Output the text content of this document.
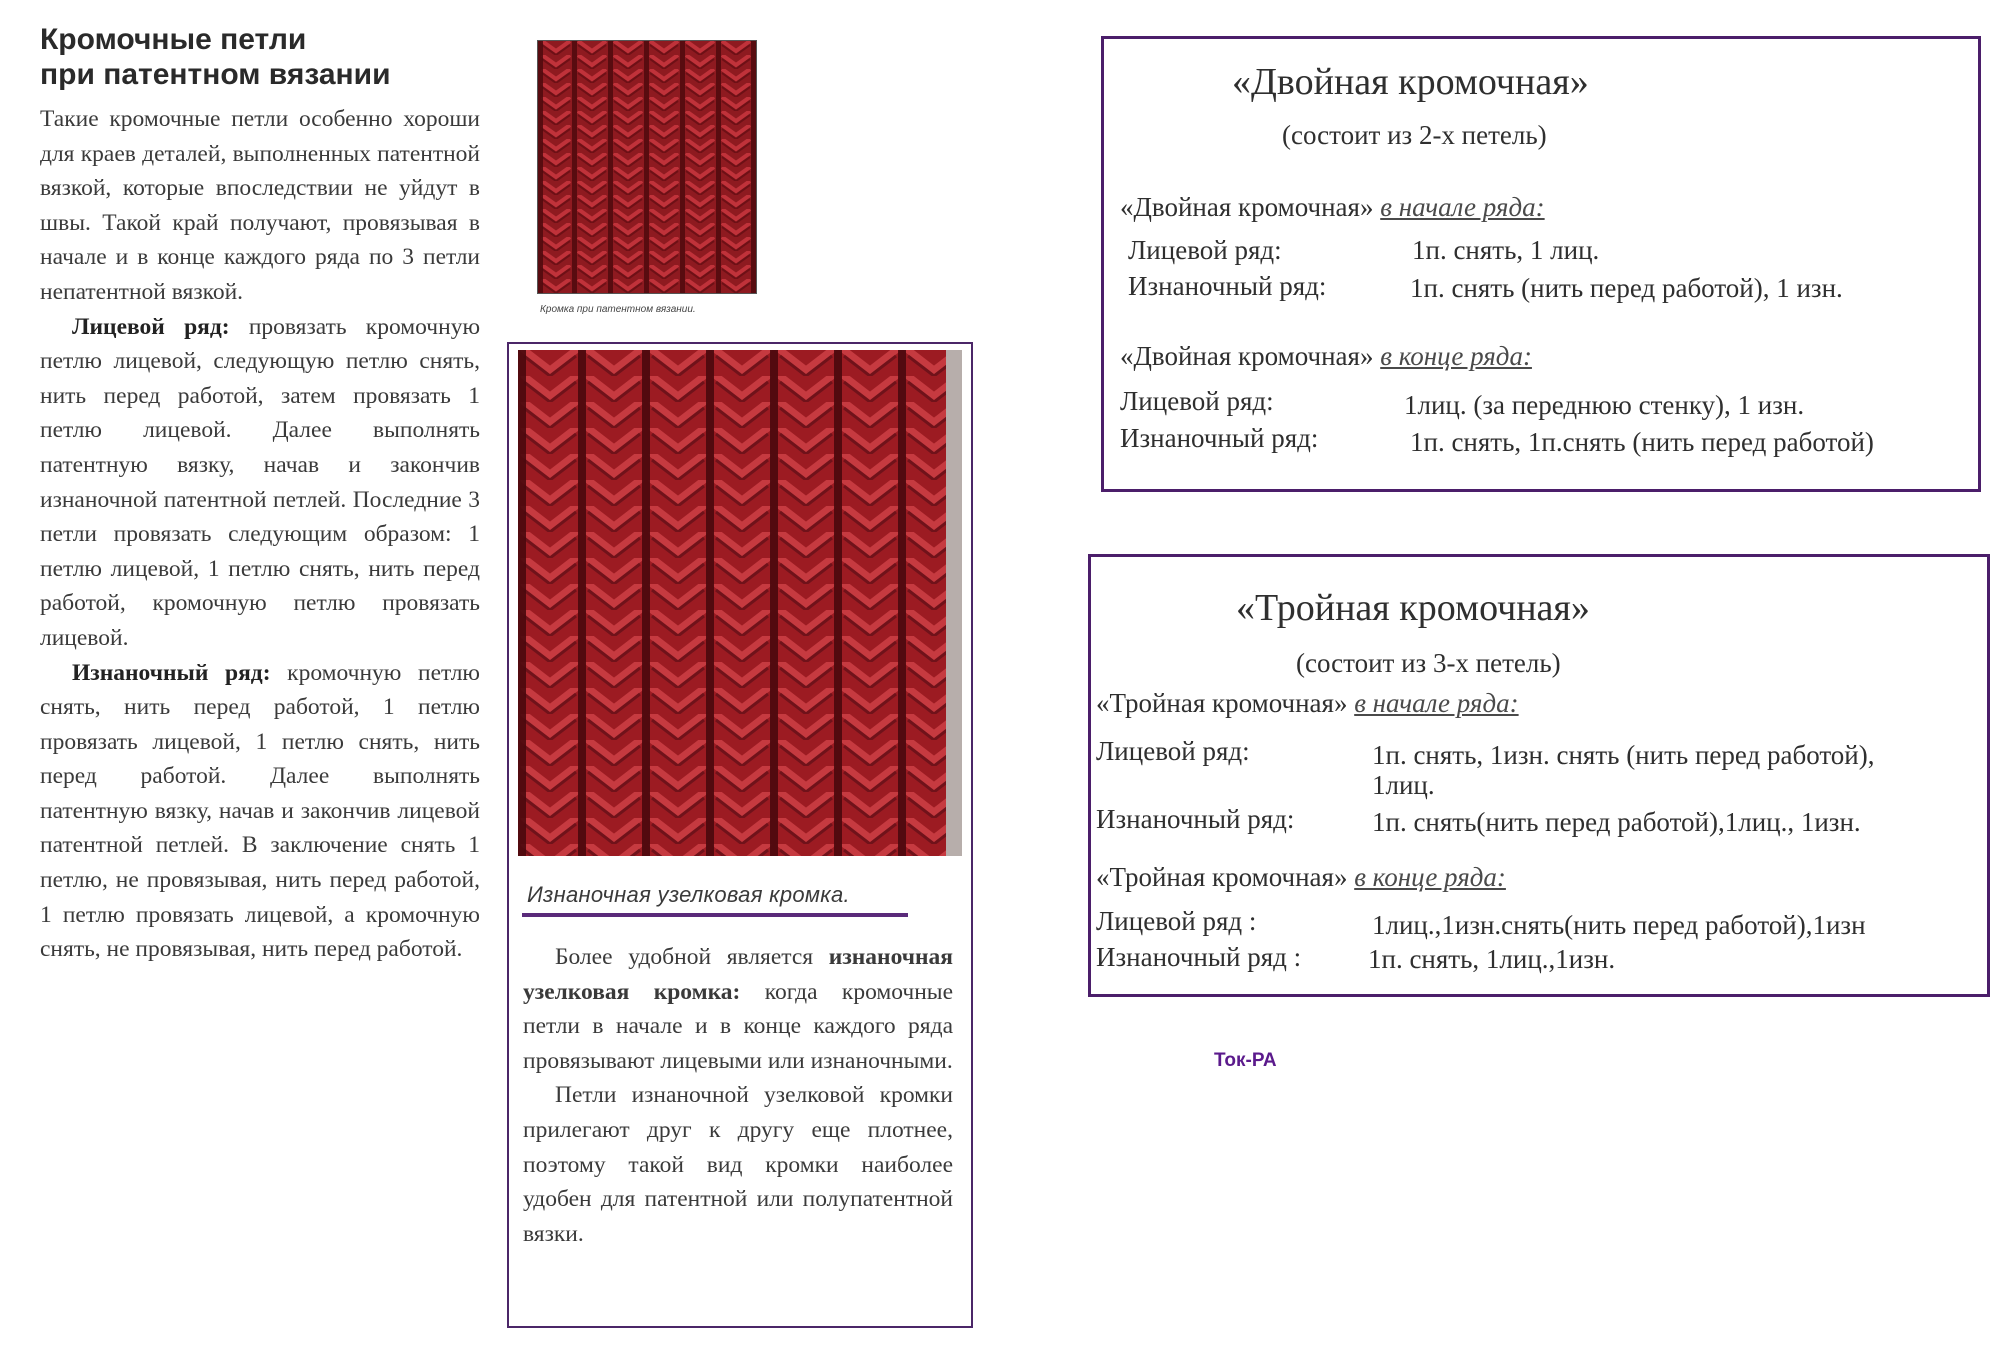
Кромочные петли
при патентном вязании

Такие кромочные петли особенно хороши для краев деталей, выполненных патентной вязкой, которые впоследствии не уйдут в швы. Такой край получают, провязывая в начале и в конце каждого ряда по 3 петли непатентной вязкой.

Лицевой ряд: провязать кромочную петлю лицевой, следующую петлю снять, нить перед работой, затем провязать 1 петлю лицевой. Далее выполнять патентную вязку, начав и закончив изнаночной патентной петлей. Последние 3 петли провязать следующим образом: 1 петлю лицевой, 1 петлю снять, нить перед работой, кромочную петлю провязать лицевой.

Изнаночный ряд: кромочную петлю снять, нить перед работой, 1 петлю провязать лицевой, 1 петлю снять, нить перед работой. Далее выполнять патентную вязку, начав и закончив лицевой патентной петлей. В заключение снять 1 петлю, не провязывая, нить перед работой, 1 петлю провязать лицевой, а кромочную снять, не провязывая, нить перед работой.

Кромка при патентном вязании.
Изнаночная узелковая кромка.

Более удобной является изнаночная узелковая кромка: когда кромочные петли в начале и в конце каждого ряда провязывают лицевыми или изнаночными.

Петли изнаночной узелковой кромки прилегают друг к другу еще плотнее, поэтому такой вид кромки наиболее удобен для патентной или полупатентной вязки.

«Двойная кромочная»
(состоит из 2-х петель)
«Двойная кромочная» в начале ряда:
Лицевой ряд:	1п. снять, 1 лиц.
Изнаночный ряд:	1п. снять (нить перед работой), 1 изн.
«Двойная кромочная» в конце ряда:
Лицевой ряд:	1лиц. (за переднюю стенку), 1 изн.
Изнаночный ряд:	1п. снять, 1п.снять (нить перед работой)
«Тройная кромочная»
(состоит из 3-х петель)
«Тройная кромочная» в начале ряда:
Лицевой ряд:	1п. снять, 1изн. снять (нить перед работой),
1лиц.
Изнаночный ряд:	1п. снять(нить перед работой),1лиц., 1изн.
«Тройная кромочная» в конце ряда:
Лицевой ряд :	1лиц.,1изн.снять(нить перед работой),1изн
Изнаночный ряд : 1п. снять, 1лиц.,1изн.
Ток-РА
